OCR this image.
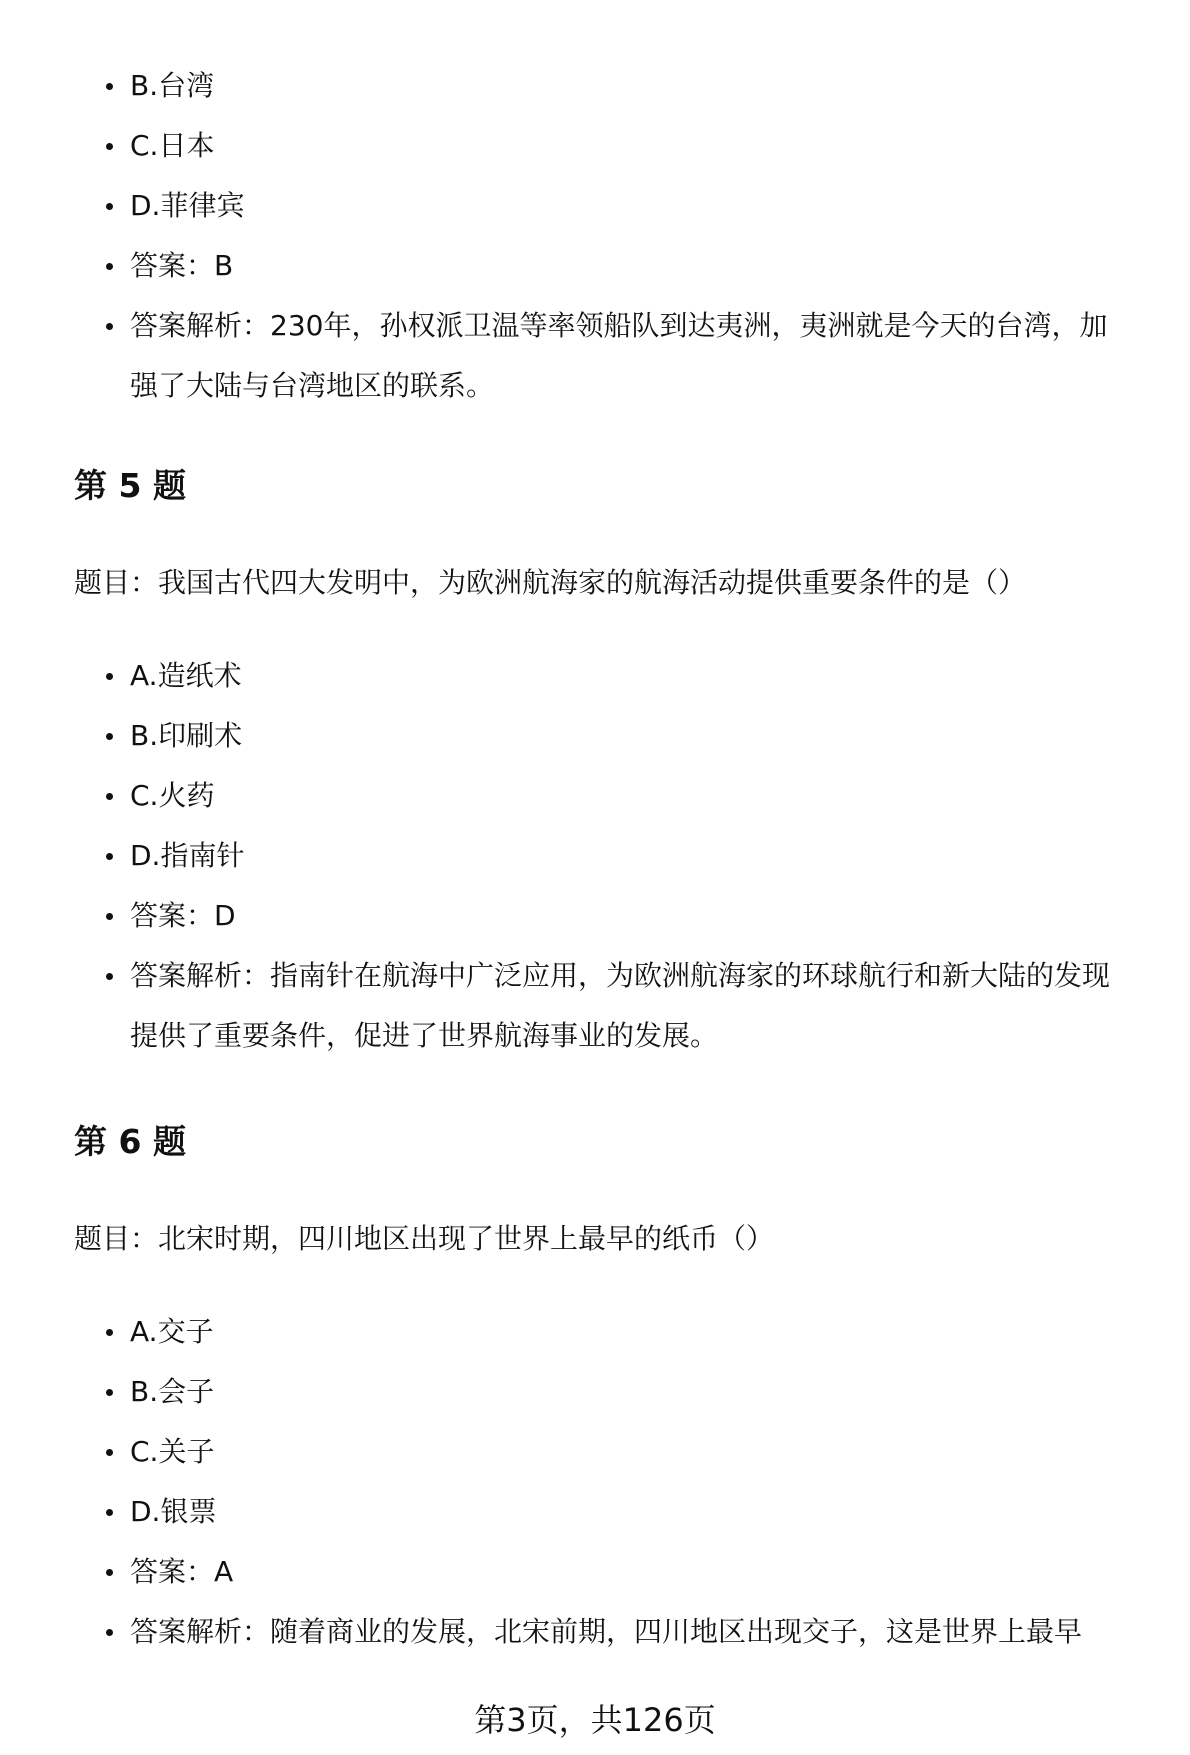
B.台湾
C.日本
D.菲律宾
答案：B
答案解析：230年，孙权派卫温等率领船队到达夷洲，夷洲就是今天的台湾，加强了大陆与台湾地区的联系。
第 5 题

题目：我国古代四大发明中，为欧洲航海家的航海活动提供重要条件的是（）

A.造纸术
B.印刷术
C.火药
D.指南针
答案：D
答案解析：指南针在航海中广泛应用，为欧洲航海家的环球航行和新大陆的发现提供了重要条件，促进了世界航海事业的发展。
第 6 题

题目：北宋时期，四川地区出现了世界上最早的纸币（）

A.交子
B.会子
C.关子
D.银票
答案：A
答案解析：随着商业的发展，北宋前期，四川地区出现交子，这是世界上最早
第3页，共126页
